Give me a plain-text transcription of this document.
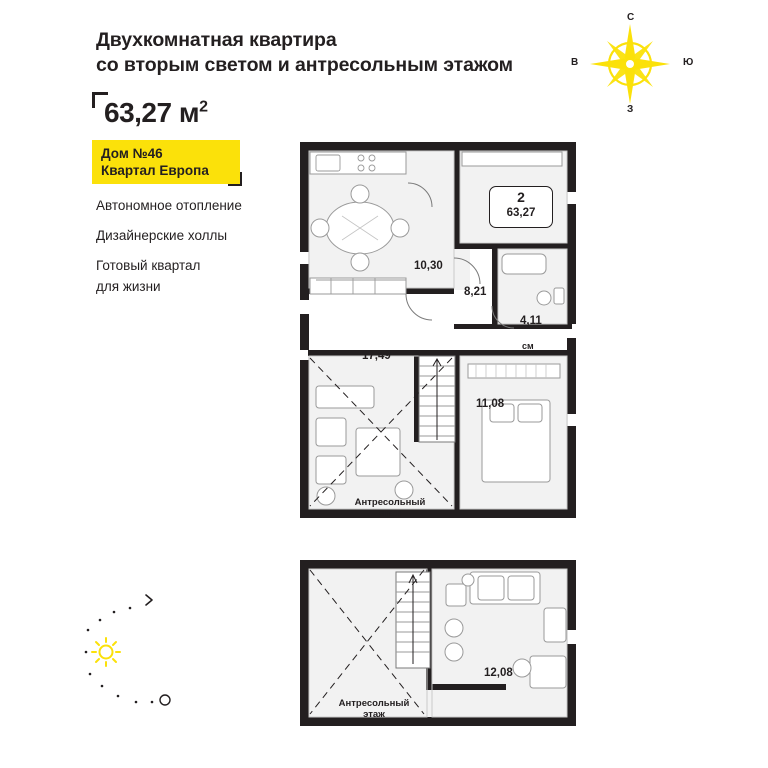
Двухкомнатная квартира
со вторым светом и антресольным этажом
63,27 $м^2$
Дом №46
Квартал Европа
Автономное отопление
Дизайнерские холлы
Готовый квартал
для жизни
С
В
З
Ю
10,30
8,21
4,11
см
17,49
11,08
12,08
Антресольный
этаж
Антресольный
этаж
2
63,27
